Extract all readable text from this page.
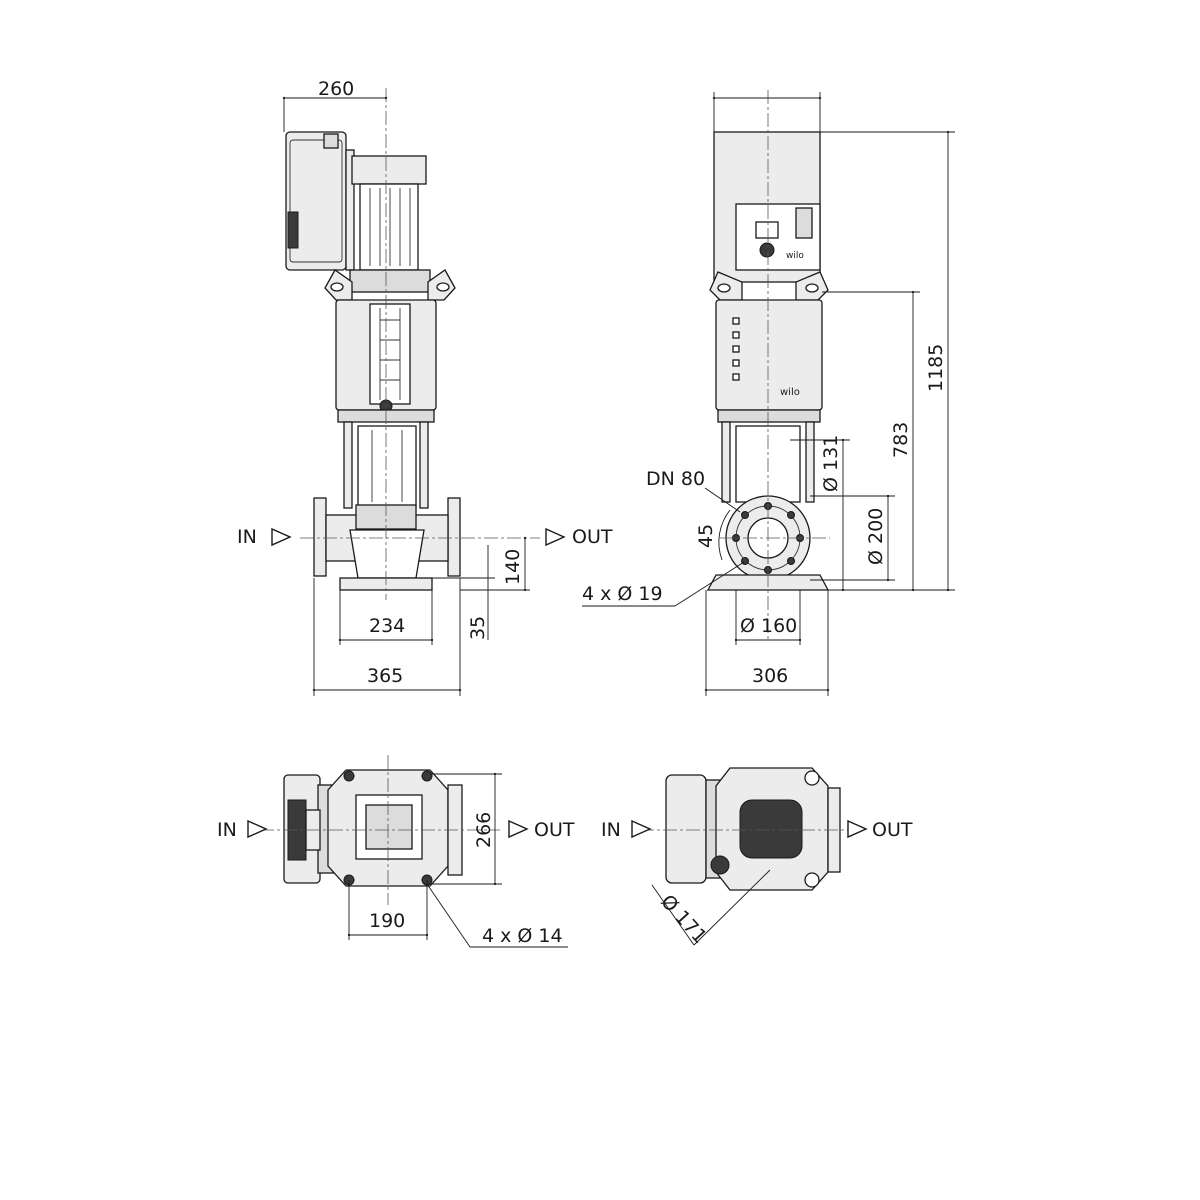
IN	OUT
260
234
365
140
35
wilo
wilo
DN 80
45
4 x Ø 19
Ø 160
306
Ø 131
Ø 200
783
1185
IN	OUT
266
190
4 x Ø 14
IN	OUT
Ø 171
